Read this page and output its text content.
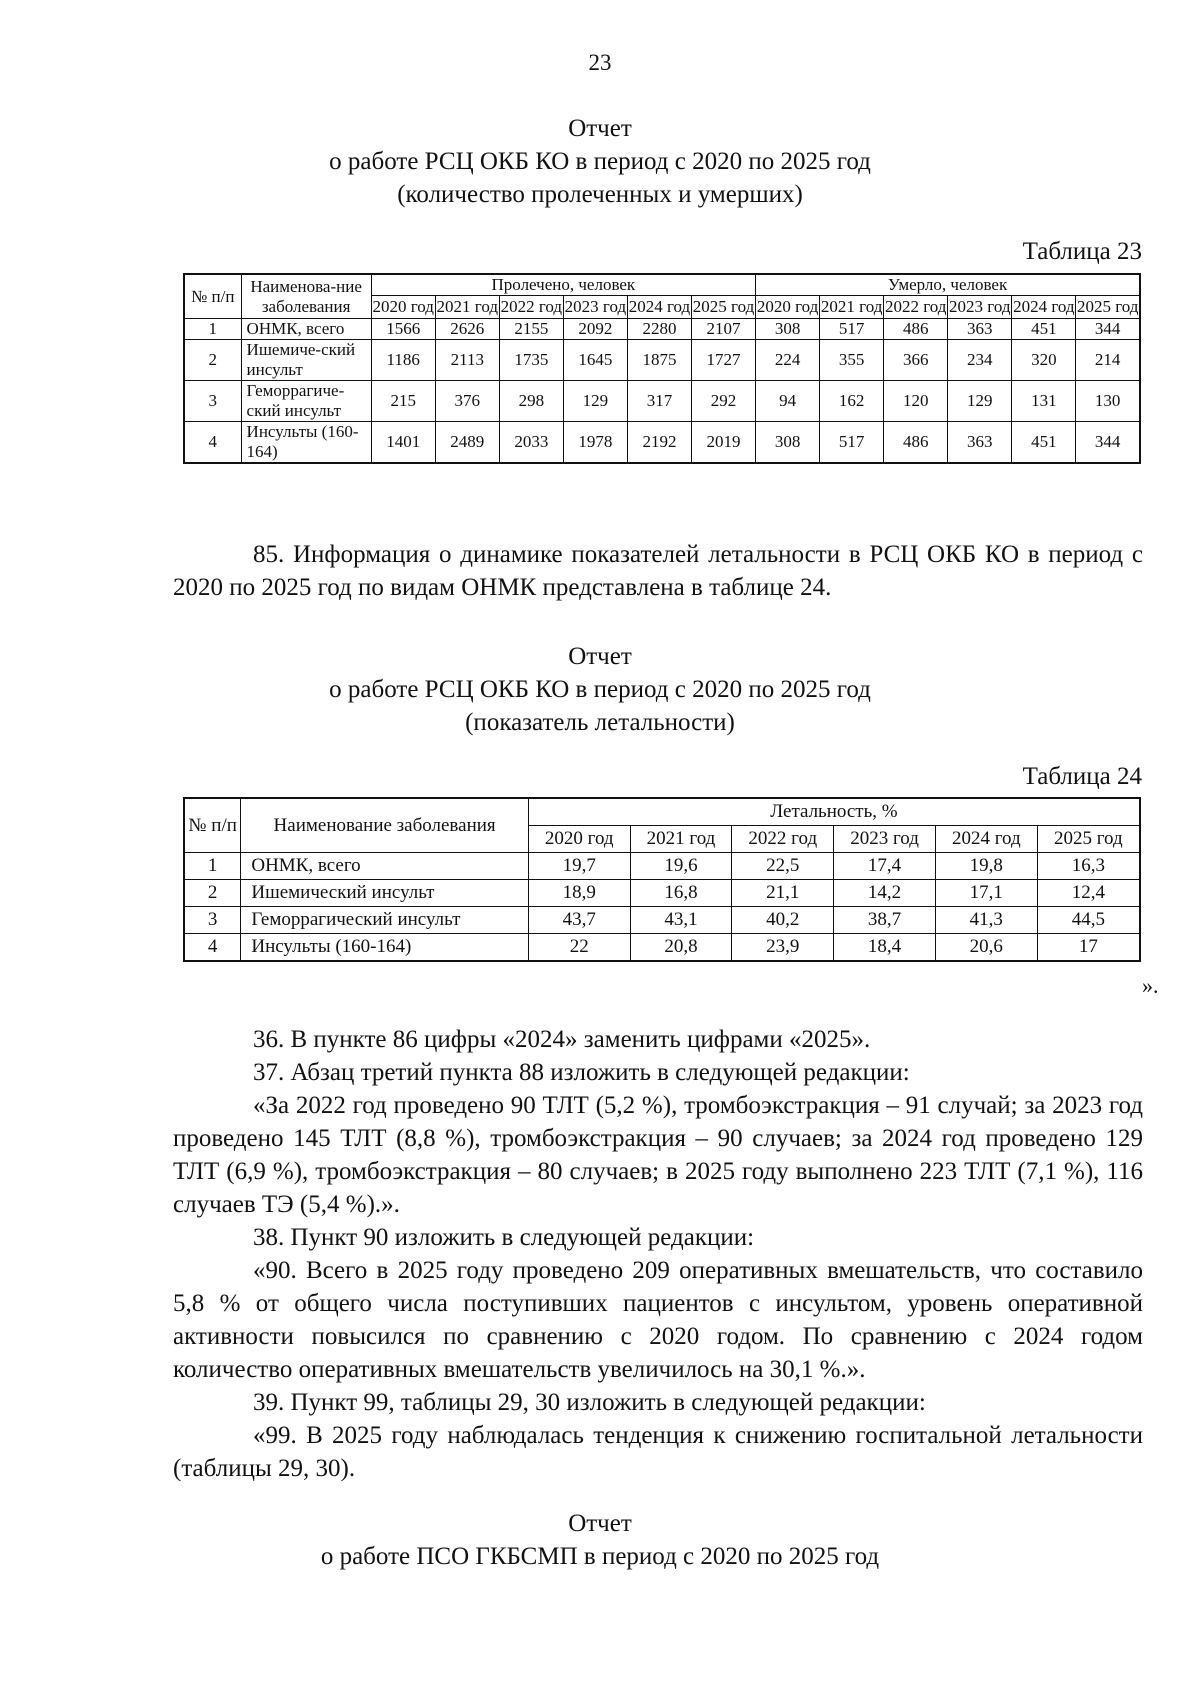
23
Отчет
о работе РСЦ ОКБ КО в период с 2020 по 2025 год
(количество пролеченных и умерших)
Таблица 23
№ п/п	Наименова-ние заболевания	Пролечено, человек						Умерло, человек					
		2020 год	2021 год	2022 год	2023 год	2024 год	2025 год	2020 год	2021 год	2022 год	2023 год	2024 год	2025 год
1	ОНМК, всего	1566	2626	2155	2092	2280	2107	308	517	486	363	451	344
2	Ишемиче-ский инсульт	1186	2113	1735	1645	1875	1727	224	355	366	234	320	214
3	Геморрагиче-ский инсульт	215	376	298	129	317	292	94	162	120	129	131	130
4	Инсульты (160-164)	1401	2489	2033	1978	2192	2019	308	517	486	363	451	344

85. Информация о динамике показателей летальности в РСЦ ОКБ КО в период с 2020 по 2025 год по видам ОНМК представлена в таблице 24.

Отчет
о работе РСЦ ОКБ КО в период с 2020 по 2025 год
(показатель летальности)
Таблица 24
№ п/п	Наименование заболевания	Летальность, %					
		2020 год	2021 год	2022 год	2023 год	2024 год	2025 год
1	ОНМК, всего	19,7	19,6	22,5	17,4	19,8	16,3
2	Ишемический инсульт	18,9	16,8	21,1	14,2	17,1	12,4
3	Геморрагический инсульт	43,7	43,1	40,2	38,7	41,3	44,5
4	Инсульты (160-164)	22	20,8	23,9	18,4	20,6	17
».

36. В пункте 86 цифры «2024» заменить цифрами «2025».

37. Абзац третий пункта 88 изложить в следующей редакции:

«За 2022 год проведено 90 ТЛТ (5,2 %), тромбоэкстракция – 91 случай; за 2023 год проведено 145 ТЛТ (8,8 %), тромбоэкстракция – 90 случаев; за 2024 год проведено 129 ТЛТ (6,9 %), тромбоэкстракция – 80 случаев; в 2025 году выполнено 223 ТЛТ (7,1 %), 116 случаев ТЭ (5,4 %).».

38. Пункт 90 изложить в следующей редакции:

«90. Всего в 2025 году проведено 209 оперативных вмешательств, что составило 5,8 % от общего числа поступивших пациентов с инсультом, уровень оперативной активности повысился по сравнению с 2020 годом. По сравнению с 2024 годом количество оперативных вмешательств увеличилось на 30,1 %.».

39. Пункт 99, таблицы 29, 30 изложить в следующей редакции:

«99. В 2025 году наблюдалась тенденция к снижению госпитальной летальности (таблицы 29, 30).

Отчет
о работе ПСО ГКБСМП в период с 2020 по 2025 год
